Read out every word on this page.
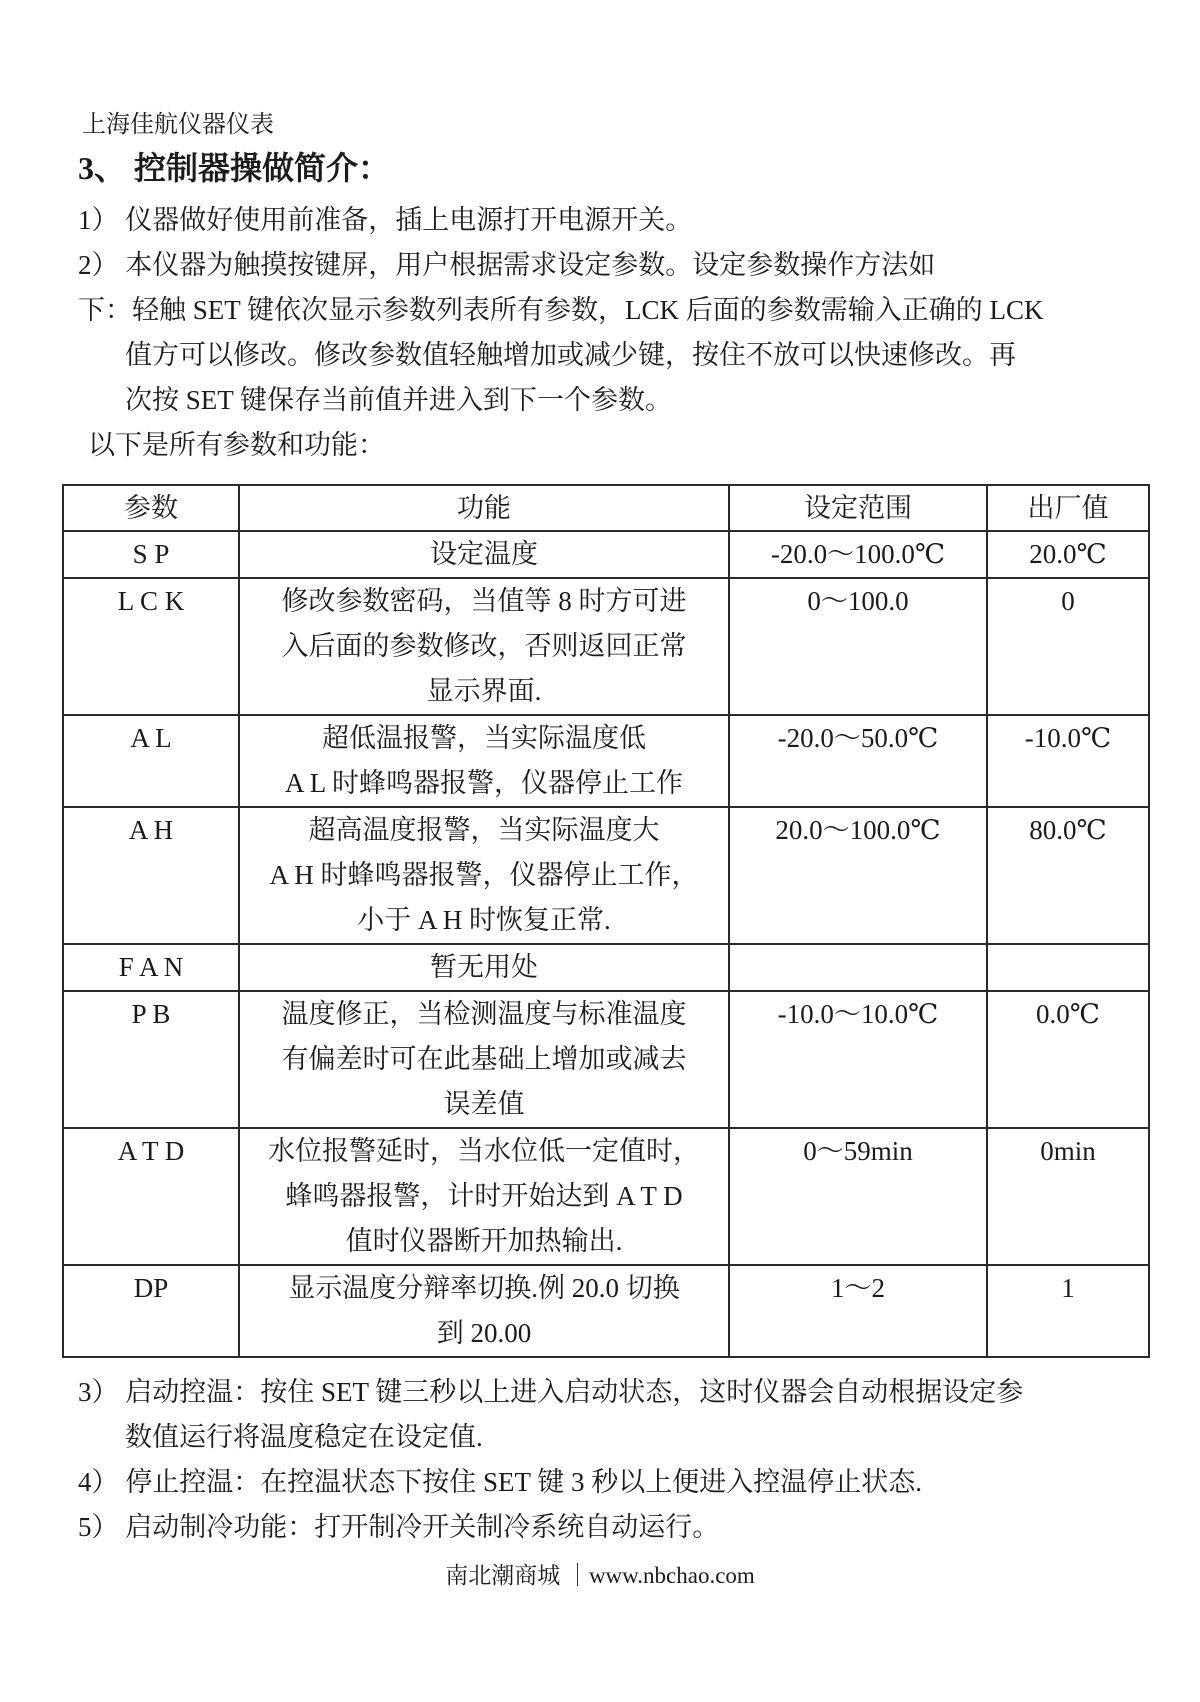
上海佳航仪器仪表
3、 控制器操做简介：
1） 仪器做好使用前准备，插上电源打开电源开关。
2） 本仪器为触摸按键屏，用户根据需求设定参数。设定参数操作方法如
下：轻触 SET 键依次显示参数列表所有参数，LCK 后面的参数需输入正确的 LCK
值方可以修改。修改参数值轻触增加或减少键，按住不放可以快速修改。再
次按 SET 键保存当前值并进入到下一个参数。
以下是所有参数和功能：
参数	功能	设定范围	出厂值
S P	设定温度	-20.0～100.0℃	20.0℃
L C K	修改参数密码，当值等 8 时方可进
入后面的参数修改，否则返回正常
显示界面.	0～100.0	0
A L	超低温报警，当实际温度低
A L 时蜂鸣器报警，仪器停止工作	-20.0～50.0℃	-10.0℃
A H	超高温度报警，当实际温度大
A H 时蜂鸣器报警，仪器停止工作，
小于 A H 时恢复正常.	20.0～100.0℃	80.0℃
F A N	暂无用处		

P B	温度修正，当检测温度与标准温度
有偏差时可在此基础上增加或减去
误差值	-10.0～10.0℃	0.0℃
A T D	水位报警延时，当水位低一定值时，
蜂鸣器报警，计时开始达到 A T D
值时仪器断开加热输出.	0～59min	0min
DP	显示温度分辩率切换.例 20.0 切换
到 20.00	1～2	1
3） 启动控温：按住 SET 键三秒以上进入启动状态，这时仪器会自动根据设定参
数值运行将温度稳定在设定值.
4） 停止控温：在控温状态下按住 SET 键 3 秒以上便进入控温停止状态.
5） 启动制冷功能：打开制冷开关制冷系统自动运行。
南北潮商城 ｜www.nbchao.com
